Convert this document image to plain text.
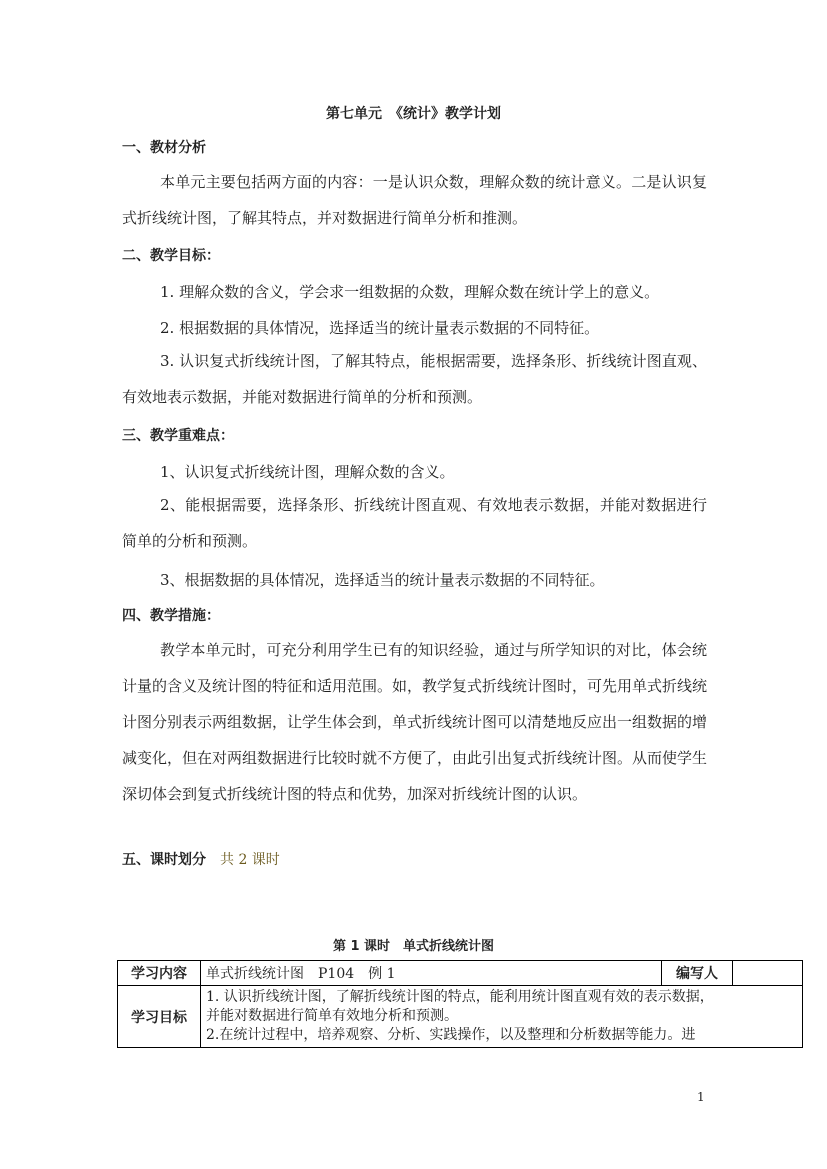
第七单元　《统计》教学计划
一、教材分析
本单元主要包括两方面的内容：一是认识众数，理解众数的统计意义。二是认识复式折线统计图，了解其特点，并对数据进行简单分析和推测。
二、教学目标：
1. 理解众数的含义，学会求一组数据的众数，理解众数在统计学上的意义。
2. 根据数据的具体情况，选择适当的统计量表示数据的不同特征。
3. 认识复式折线统计图，了解其特点，能根据需要，选择条形、折线统计图直观、有效地表示数据，并能对数据进行简单的分析和预测。
三、教学重难点：
1、认识复式折线统计图，理解众数的含义。
2、能根据需要，选择条形、折线统计图直观、有效地表示数据，并能对数据进行简单的分析和预测。
3、根据数据的具体情况，选择适当的统计量表示数据的不同特征。
四、教学措施：
教学本单元时，可充分利用学生已有的知识经验，通过与所学知识的对比，体会统计量的含义及统计图的特征和适用范围。如，教学复式折线统计图时，可先用单式折线统计图分别表示两组数据，让学生体会到，单式折线统计图可以清楚地反应出一组数据的增减变化，但在对两组数据进行比较时就不方便了，由此引出复式折线统计图。从而使学生深切体会到复式折线统计图的特点和优势，加深对折线统计图的认识。
五、课时划分 共 2 课时
第 1 课时　单式折线统计图
学习内容	单式折线统计图　P104　例 1	编写人	
学习目标	1. 认识折线统计图，了解折线统计图的特点，能利用统计图直观有效的表示数据，
并能对数据进行简单有效地分析和预测。
2.在统计过程中，培养观察、分析、实践操作，以及整理和分析数据等能力。进		
1
